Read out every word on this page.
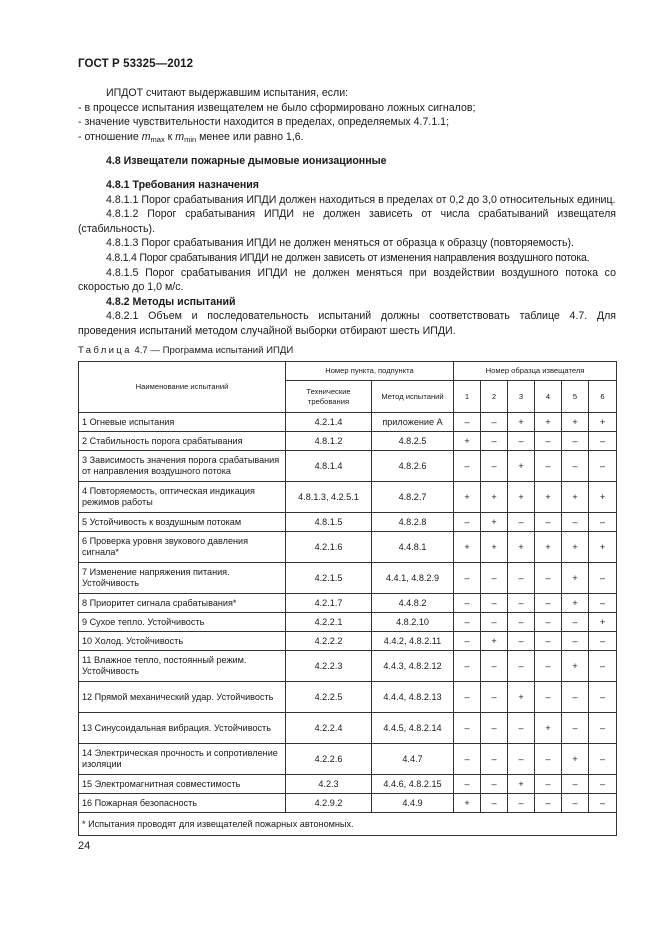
ГОСТ Р 53325—2012

ИПДОТ считают выдержавшим испытания, если:

- в процессе испытания извещателем не было сформировано ложных сигналов;

- значение чувствительности находится в пределах, определяемых 4.7.1.1;

- отношение $m_{max}$ к $m_{min}$ менее или равно 1,6.

4.8 Извещатели пожарные дымовые ионизационные

4.8.1 Требования назначения

4.8.1.1 Порог срабатывания ИПДИ должен находиться в пределах от 0,2 до 3,0 относительных единиц.

4.8.1.2 Порог срабатывания ИПДИ не должен зависеть от числа срабатываний извещателя (стабильность).

4.8.1.3 Порог срабатывания ИПДИ не должен меняться от образца к образцу (повторяемость).

4.8.1.4 Порог срабатывания ИПДИ не должен зависеть от изменения направления воздушного потока.

4.8.1.5 Порог срабатывания ИПДИ не должен меняться при воздействии воздушного потока со скоростью до 1,0 м/с.

4.8.2 Методы испытаний

4.8.2.1 Объем и последовательность испытаний должны соответствовать таблице 4.7. Для проведения испытаний методом случайной выборки отбирают шесть ИПДИ.

Таблица 4.7 — Программа испытаний ИПДИ
Наименование испытаний	Номер пункта, подпункта		Номер образца извещателя					
	Технические требования	Метод испытаний	1	2	3	4	5	6
1 Огневые испытания	4.2.1.4	приложение А	–	–	+	+	+	+
2 Стабильность порога срабатывания	4.8.1.2	4.8.2.5	+	–	–	–	–	–
3 Зависимость значения порога срабатывания от направления воздушного потока	4.8.1.4	4.8.2.6	–	–	+	–	–	–
4 Повторяемость, оптическая индикация режимов работы	4.8.1.3, 4.2.5.1	4.8.2.7	+	+	+	+	+	+
5 Устойчивость к воздушным потокам	4.8.1.5	4.8.2.8	–	+	–	–	–	–
6 Проверка уровня звукового давления сигнала*	4.2.1.6	4.4.8.1	+	+	+	+	+	+
7 Изменение напряжения питания. Устойчивость	4.2.1.5	4.4.1, 4.8.2.9	–	–	–	–	+	–
8 Приоритет сигнала срабатывания*	4.2.1.7	4.4.8.2	–	–	–	–	+	–
9 Сухое тепло. Устойчивость	4.2.2.1	4.8.2.10	–	–	–	–	–	+
10 Холод. Устойчивость	4.2.2.2	4.4.2, 4.8.2.11	–	+	–	–	–	–
11 Влажное тепло, постоянный режим. Устойчивость	4.2.2.3	4.4.3, 4.8.2.12	–	–	–	–	+	–
12 Прямой механический удар. Устойчивость	4.2.2.5	4.4.4, 4.8.2.13	–	–	+	–	–	–
13 Синусоидальная вибрация. Устойчивость	4.2.2.4	4.4.5, 4.8.2.14	–	–	–	+	–	–
14 Электрическая прочность и сопротивление изоляции	4.2.2.6	4.4.7	–	–	–	–	+	–
15 Электромагнитная совместимость	4.2.3	4.4.6, 4.8.2.15	–	–	+	–	–	–
16 Пожарная безопасность	4.2.9.2	4.4.9	+	–	–	–	–	–
* Испытания проводят для извещателей пожарных автономных.								
24
